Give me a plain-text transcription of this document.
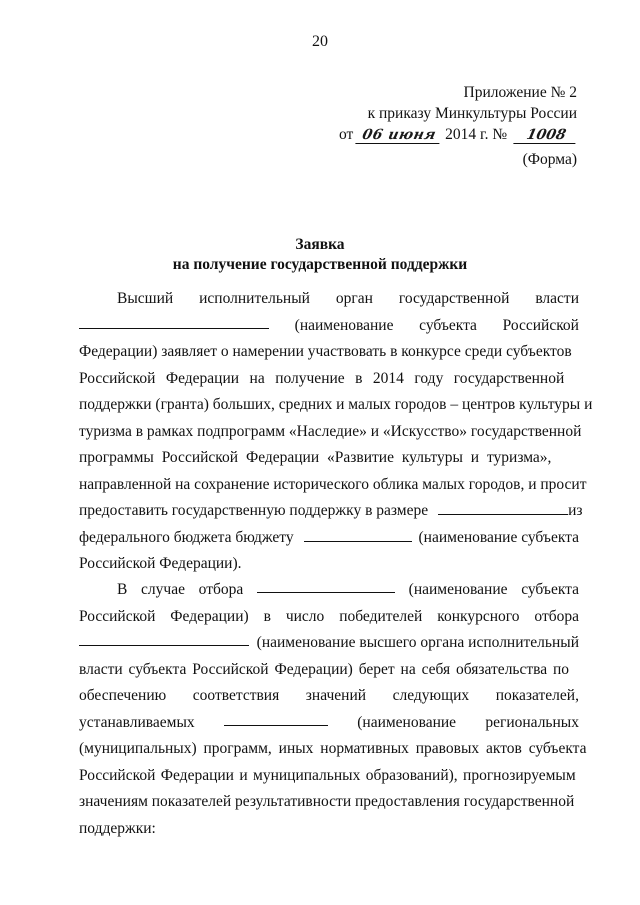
20
Приложение № 2
к приказу Минкультуры России
от 06 июня 2014 г. № 1008
(Форма)
Заявка
на получение государственной поддержки
Высший исполнительный орган государственной власти
(наименование субъекта Российской
Федерации) заявляет о намерении участвовать в конкурсе среди субъектов
Российской Федерации на получение в 2014 году государственной
поддержки (гранта) больших, средних и малых городов – центров культуры и
туризма в рамках подпрограмм «Наследие» и «Искусство» государственной
программы Российской Федерации «Развитие культуры и туризма»,
направленной на сохранение исторического облика малых городов, и просит
предоставить государственную поддержку в размере	из
федерального бюджета бюджету	(наименование субъекта
Российской Федерации).
В случае отбора	(наименование субъекта
Российской Федерации) в число победителей конкурсного отбора
(наименование высшего органа исполнительный
власти субъекта Российской Федерации) берет на себя обязательства по
обеспечению соответствия значений следующих показателей,
устанавливаемых	(наименование региональных
(муниципальных) программ, иных нормативных правовых актов субъекта
Российской Федерации и муниципальных образований), прогнозируемым
значениям показателей результативности предоставления государственной
поддержки:
